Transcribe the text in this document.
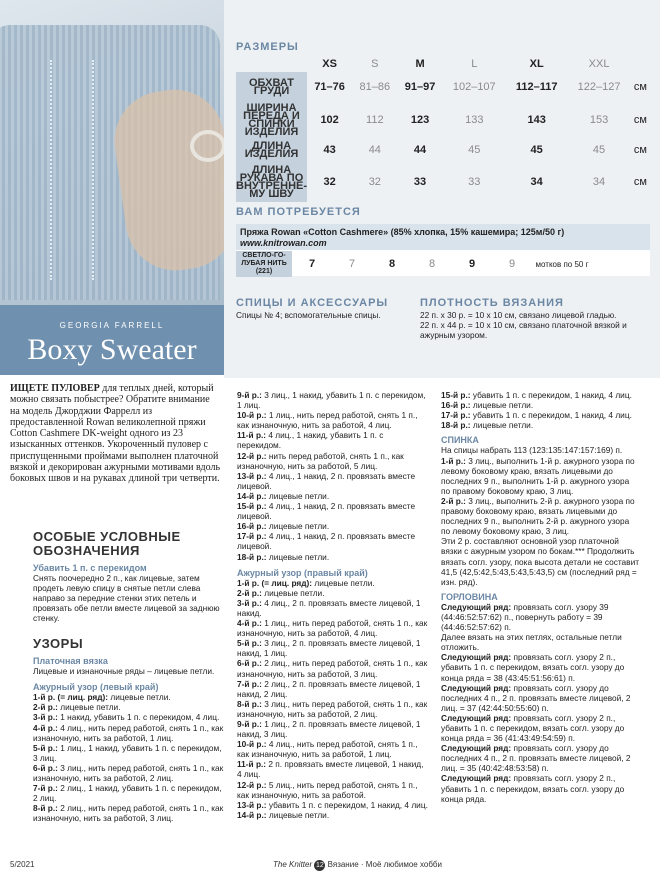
GEORGIA FARRELL
Boxy Sweater
РАЗМЕРЫ
	XS	S	M	L	XL	XXL	
ОБХВАТ ГРУДИ	71–76	81–86	91–97	102–107	112–117	122–127	см
ШИРИНА ПЕРЕДА И СПИНКИ ИЗДЕЛИЯ	102	112	123	133	143	153	см
ДЛИНА ИЗДЕЛИЯ	43	44	44	45	45	45	см
ДЛИНА РУКАВА ПО ВНУТРЕННЕ-МУ ШВУ	32	32	33	33	34	34	см
ВАМ ПОТРЕБУЕТСЯ
Пряжа Rowan «Cotton Cashmere» (85% хлопка, 15% кашемира; 125м/50 г)
www.knitrowan.com
СВЕТЛО-ГО-ЛУБАЯ НИТЬ (221)
7	7	8	8	9	9	мотков по 50 г
СПИЦЫ И АКСЕССУАРЫ
Спицы № 4; вспомогательные спицы.
ПЛОТНОСТЬ ВЯЗАНИЯ
22 п. х 30 р. = 10 х 10 см, связано лицевой гладью.
22 п. х 44 р. = 10 х 10 см, связано платочной вязкой и ажурным узором.
ИЩЕТЕ ПУЛОВЕР для теплых дней, который можно связать побыстрее? Обратите внимание на модель Джорджии Фаррелл из предоставленной Rowan великолепной пряжи Cotton Cashmere DK-weight одного из 23 изысканных оттенков. Укороченный пуловер с приспущенными проймами выполнен платочной вязкой и декорирован ажурными мотивами вдоль боковых швов и на рукавах длиной три четверти.
ОСОБЫЕ УСЛОВНЫЕ ОБОЗНАЧЕНИЯ
Убавить 1 п. с перекидом
Снять поочередно 2 п., как лицевые, затем продеть левую спицу в снятые петли слева направо за передние стенки этих петель и провязать обе петли вместе лицевой за заднюю стенку.
УЗОРЫ
Платочная вязка
Лицевые и изнаночные ряды – лицевые петли.
Ажурный узор (левый край)
1-й р. (= лиц. ряд): лицевые петли.
2-й р.: лицевые петли.
3-й р.: 1 накид, убавить 1 п. с перекидом, 4 лиц.
4-й р.: 4 лиц., нить перед работой, снять 1 п., как изнаночную, нить за работой, 1 лиц.
5-й р.: 1 лиц., 1 накид, убавить 1 п. с перекидом, 3 лиц.
6-й р.: 3 лиц., нить перед работой, снять 1 п., как изнаночную, нить за работой, 2 лиц.
7-й р.: 2 лиц., 1 накид, убавить 1 п. с перекидом, 2 лиц.
8-й р.: 2 лиц., нить перед работой, снять 1 п., как изнаночную, нить за работой, 3 лиц.
9-й р.: 3 лиц., 1 накид, убавить 1 п. с перекидом, 1 лиц.
10-й р.: 1 лиц., нить перед работой, снять 1 п., как изнаночную, нить за работой, 4 лиц.
11-й р.: 4 лиц., 1 накид, убавить 1 п. с перекидом.
12-й р.: нить перед работой, снять 1 п., как изнаночную, нить за работой, 5 лиц.
13-й р.: 4 лиц., 1 накид, 2 п. провязать вместе лицевой.
14-й р.: лицевые петли.
15-й р.: 4 лиц., 1 накид, 2 п. провязать вместе лицевой.
16-й р.: лицевые петли.
17-й р.: 4 лиц., 1 накид, 2 п. провязать вместе лицевой.
18-й р.: лицевые петли.
Ажурный узор (правый край)
1-й р. (= лиц. ряд): лицевые петли.
2-й р.: лицевые петли.
3-й р.: 4 лиц., 2 п. провязать вместе лицевой, 1 накид.
4-й р.: 1 лиц., нить перед работой, снять 1 п., как изнаночную, нить за работой, 4 лиц.
5-й р.: 3 лиц., 2 п. провязать вместе лицевой, 1 накид, 1 лиц.
6-й р.: 2 лиц., нить перед работой, снять 1 п., как изнаночную, нить за работой, 3 лиц.
7-й р.: 2 лиц., 2 п. провязать вместе лицевой, 1 накид, 2 лиц.
8-й р.: 3 лиц., нить перед работой, снять 1 п., как изнаночную, нить за работой, 2 лиц.
9-й р.: 1 лиц., 2 п. провязать вместе лицевой, 1 накид, 3 лиц.
10-й р.: 4 лиц., нить перед работой, снять 1 п., как изнаночную, нить за работой, 1 лиц.
11-й р.: 2 п. провязать вместе лицевой, 1 накид, 4 лиц.
12-й р.: 5 лиц., нить перед работой, снять 1 п., как изнаночную, нить за работой.
13-й р.: убавить 1 п. с перекидом, 1 накид, 4 лиц.
14-й р.: лицевые петли.
15-й р.: убавить 1 п. с перекидом, 1 накид, 4 лиц.
16-й р.: лицевые петли.
17-й р.: убавить 1 п. с перекидом, 1 накид, 4 лиц.
18-й р.: лицевые петли.
СПИНКА
На спицы набрать 113 (123:135:147:157:169) п.
1-й р.: 3 лиц., выполнить 1-й р. ажурного узора по левому боковому краю, вязать лицевыми до последних 9 п., выполнить 1-й р. ажурного узора по правому боковому краю, 3 лиц.
2-й р.: 3 лиц., выполнить 2-й р. ажурного узора по правому боковому краю, вязать лицевыми до последних 9 п., выполнить 2-й р. ажурного узора по левому боковому краю, 3 лиц.
Эти 2 р. составляют основной узор платочной вязки с ажурным узором по бокам.*** Продолжить вязать согл. узору, пока высота детали не составит 41,5 (42,5:42,5:43,5:43,5:43,5) см (последний ряд = изн. ряд).
ГОРЛОВИНА
Следующий ряд: провязать согл. узору 39 (44:46:52:57:62) п., повернуть работу = 39 (44:46:52:57:62) п.
Далее вязать на этих петлях, остальные петли отложить.
Следующий ряд: провязать согл. узору 2 п., убавить 1 п. с перекидом, вязать согл. узору до конца ряда = 38 (43:45:51:56:61) п.
Следующий ряд: провязать согл. узору до последних 4 п., 2 п. провязать вместе лицевой, 2 лиц. = 37 (42:44:50:55:60) п.
Следующий ряд: провязать согл. узору 2 п., убавить 1 п. с перекидом, вязать согл. узору до конца ряда = 36 (41:43:49:54:59) п.
Следующий ряд: провязать согл. узору до последних 4 п., 2 п. провязать вместе лицевой, 2 лиц. = 35 (40:42:48:53:58) п.
Следующий ряд: провязать согл. узору 2 п., убавить 1 п. с перекидом, вязать согл. узору до конца ряда.
5/2021	The Knitter 12 Вязание · Моё любимое хобби
